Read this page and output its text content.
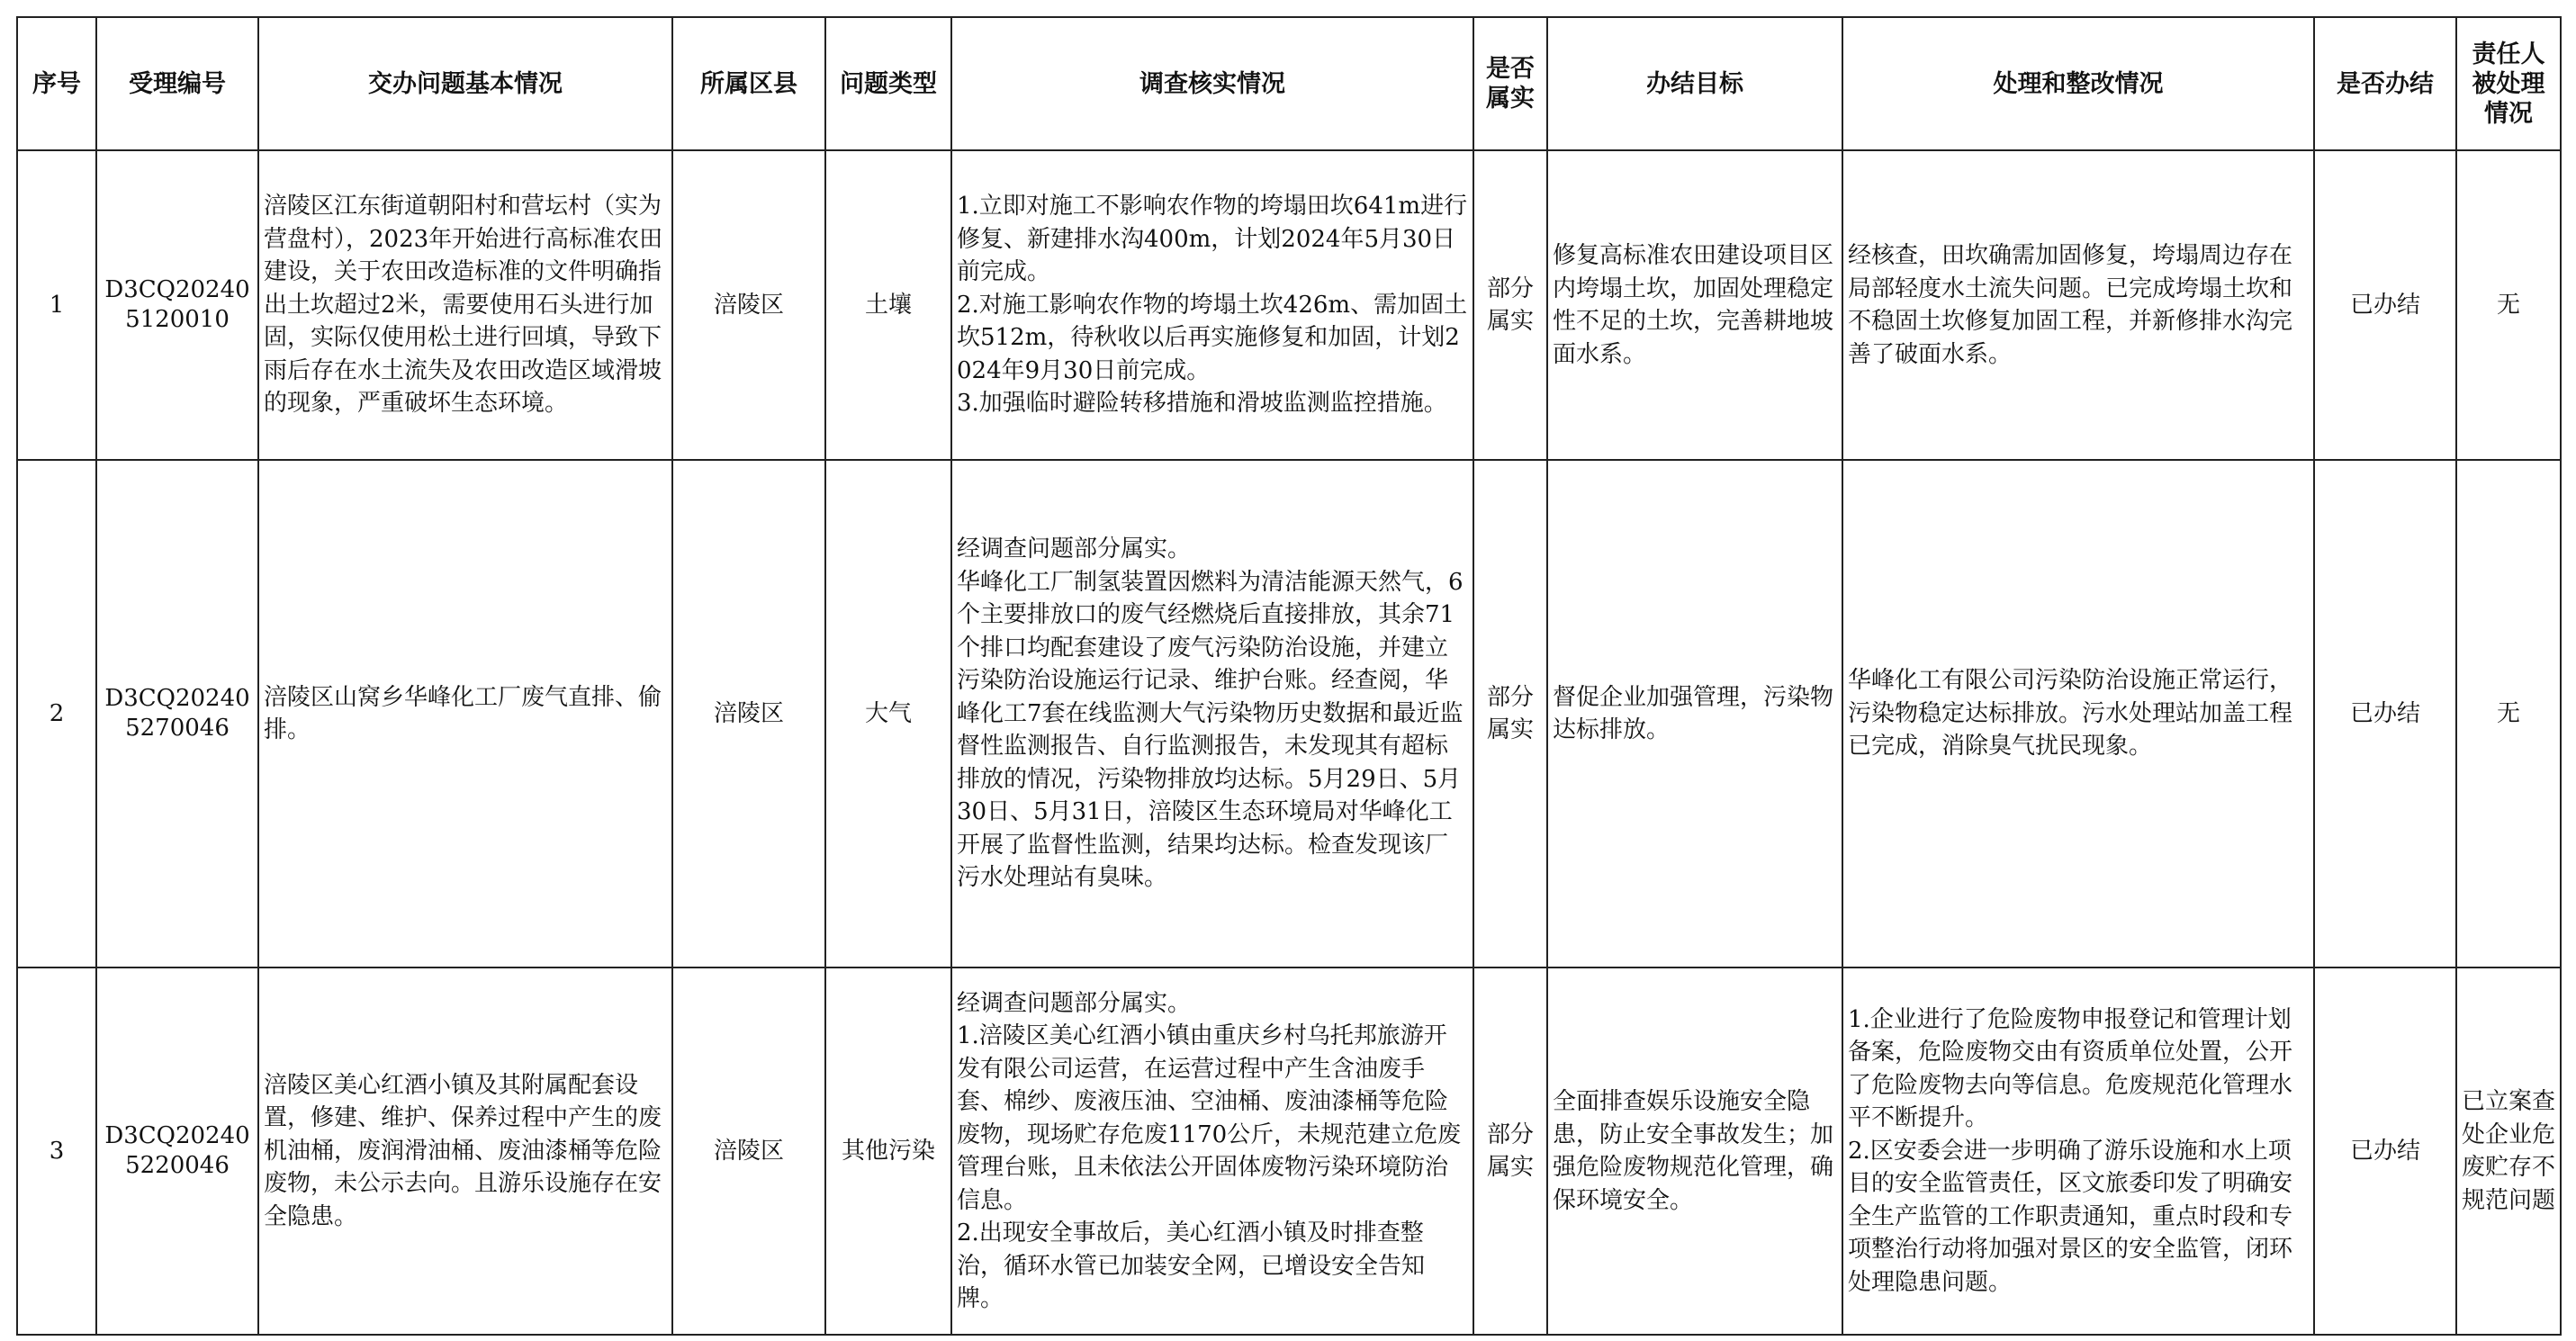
序号	受理编号	交办问题基本情况	所属区县	问题类型	调查核实情况	是否属实	办结目标	处理和整改情况	是否办结	责任人被处理情况
1	D3CQ202405120010	涪陵区江东街道朝阳村和营坛村（实为营盘村），2023年开始进行高标准农田建设，关于农田改造标准的文件明确指出土坎超过2米，需要使用石头进行加固，实际仅使用松土进行回填，导致下雨后存在水土流失及农田改造区域滑坡的现象，严重破坏生态环境。	涪陵区	土壤	1.立即对施工不影响农作物的垮塌田坎641m进行修复、新建排水沟400m，计划2024年5月30日前完成。
2.对施工影响农作物的垮塌土坎426m、需加固土坎512m，待秋收以后再实施修复和加固，计划2024年9月30日前完成。
3.加强临时避险转移措施和滑坡监测监控措施。	部分属实	修复高标准农田建设项目区内垮塌土坎，加固处理稳定性不足的土坎，完善耕地坡面水系。	经核查，田坎确需加固修复，垮塌周边存在局部轻度水土流失问题。已完成垮塌土坎和不稳固土坎修复加固工程，并新修排水沟完善了破面水系。	已办结	无
2	D3CQ202405270046	涪陵区山窝乡华峰化工厂废气直排、偷排。	涪陵区	大气	经调查问题部分属实。
华峰化工厂制氢装置因燃料为清洁能源天然气，6个主要排放口的废气经燃烧后直接排放，其余71个排口均配套建设了废气污染防治设施，并建立污染防治设施运行记录、维护台账。经查阅，华峰化工7套在线监测大气污染物历史数据和最近监督性监测报告、自行监测报告，未发现其有超标排放的情况，污染物排放均达标。5月29日、5月30日、5月31日，涪陵区生态环境局对华峰化工开展了监督性监测，结果均达标。检查发现该厂污水处理站有臭味。	部分属实	督促企业加强管理，污染物达标排放。	华峰化工有限公司污染防治设施正常运行，污染物稳定达标排放。污水处理站加盖工程已完成，消除臭气扰民现象。	已办结	无
3	D3CQ202405220046	涪陵区美心红酒小镇及其附属配套设置，修建、维护、保养过程中产生的废机油桶，废润滑油桶、废油漆桶等危险废物，未公示去向。且游乐设施存在安全隐患。	涪陵区	其他污染	经调查问题部分属实。
1.涪陵区美心红酒小镇由重庆乡村乌托邦旅游开发有限公司运营，在运营过程中产生含油废手套、棉纱、废液压油、空油桶、废油漆桶等危险废物，现场贮存危废1170公斤，未规范建立危废管理台账，且未依法公开固体废物污染环境防治信息。
2.出现安全事故后，美心红酒小镇及时排查整治，循环水管已加装安全网，已增设安全告知牌。	部分属实	全面排查娱乐设施安全隐患，防止安全事故发生；加强危险废物规范化管理，确保环境安全。	1.企业进行了危险废物申报登记和管理计划备案，危险废物交由有资质单位处置，公开了危险废物去向等信息。危废规范化管理水平不断提升。
2.区安委会进一步明确了游乐设施和水上项目的安全监管责任，区文旅委印发了明确安全生产监管的工作职责通知，重点时段和专项整治行动将加强对景区的安全监管，闭环处理隐患问题。	已办结	已立案查处企业危废贮存不规范问题
